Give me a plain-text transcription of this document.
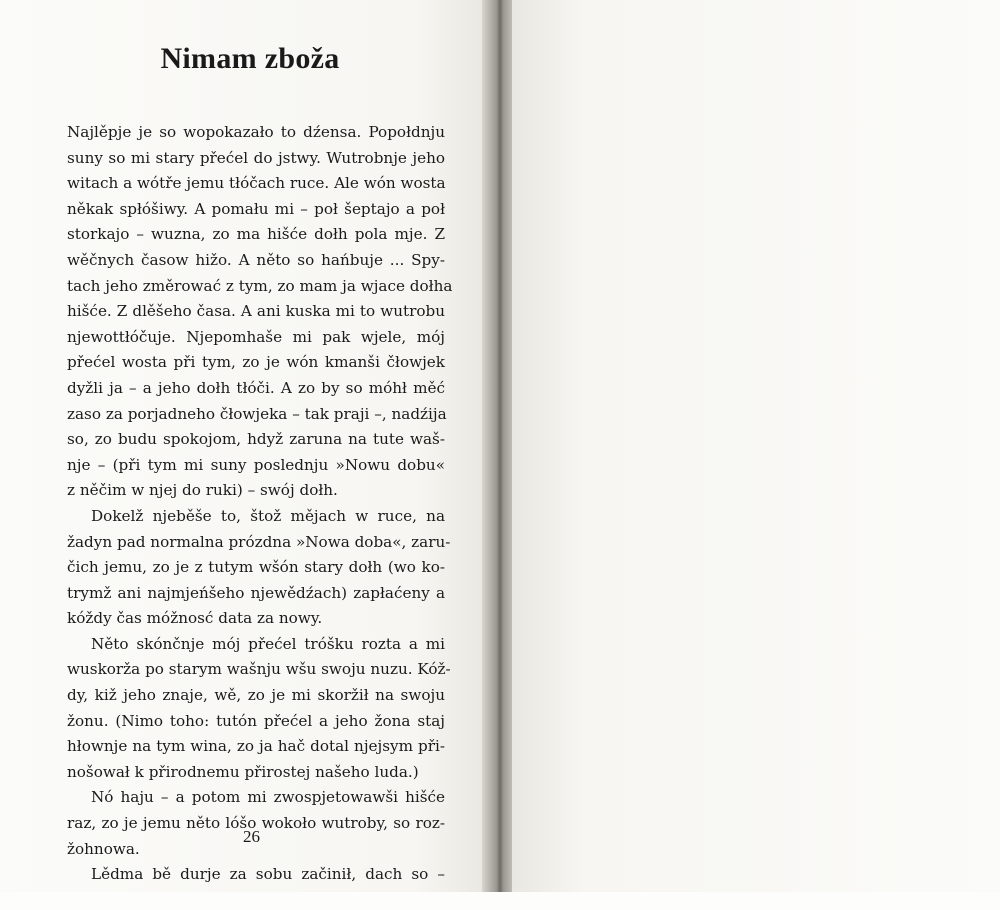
Nimam zboža
Najlěpje je so wopokazało to dźensa. Popołdnju
suny so mi stary přećel do jstwy. Wutrobnje jeho
witach a wótře jemu tłóčach ruce. Ale wón wosta
někak spłóšiwy. A pomału mi – poł šeptajo a poł
storkajo – wuzna, zo ma hišće dołh pola mje. Z
wěčnych časow hižo. A něto so hańbuje ... Spy-
tach jeho změrować z tym, zo mam ja wjace dołha
hišće. Z dlěšeho časa. A ani kuska mi to wutrobu
njewottłóčuje. Njepomhaše mi pak wjele, mój
přećel wosta při tym, zo je wón kmanši čłowjek
dyžli ja – a jeho dołh tłóči. A zo by so móhł měć
zaso za porjadneho čłowjeka – tak praji –, nadźija
so, zo budu spokojom, hdyž zaruna na tute waš-
nje – (při tym mi suny poslednju »Nowu dobu«
z něčim w njej do ruki) – swój dołh.
Dokelž njeběše to, štož mějach w ruce, na
žadyn pad normalna prózdna »Nowa doba«, zaru-
čich jemu, zo je z tutym wšón stary dołh (wo ko-
trymž ani najmjeńšeho njewědźach) zapłaćeny a
kóždy čas móžnosć data za nowy.
Něto skónčnje mój přećel tróšku rozta a mi
wuskorža po starym wašnju wšu swoju nuzu. Kóž-
dy, kiž jeho znaje, wě, zo je mi skoržił na swoju
žonu. (Nimo toho: tutón přećel a jeho žona staj
hłownje na tym wina, zo ja hač dotal njejsym při-
nošował k přirodnemu přirostej našeho luda.)
Nó haju – a potom mi zwospjetowawši hišće
raz, zo je jemu něto lóšo wokoło wutroby, so roz-
žohnowa.
Lědma bě durje za sobu začinił, dach so –
26
